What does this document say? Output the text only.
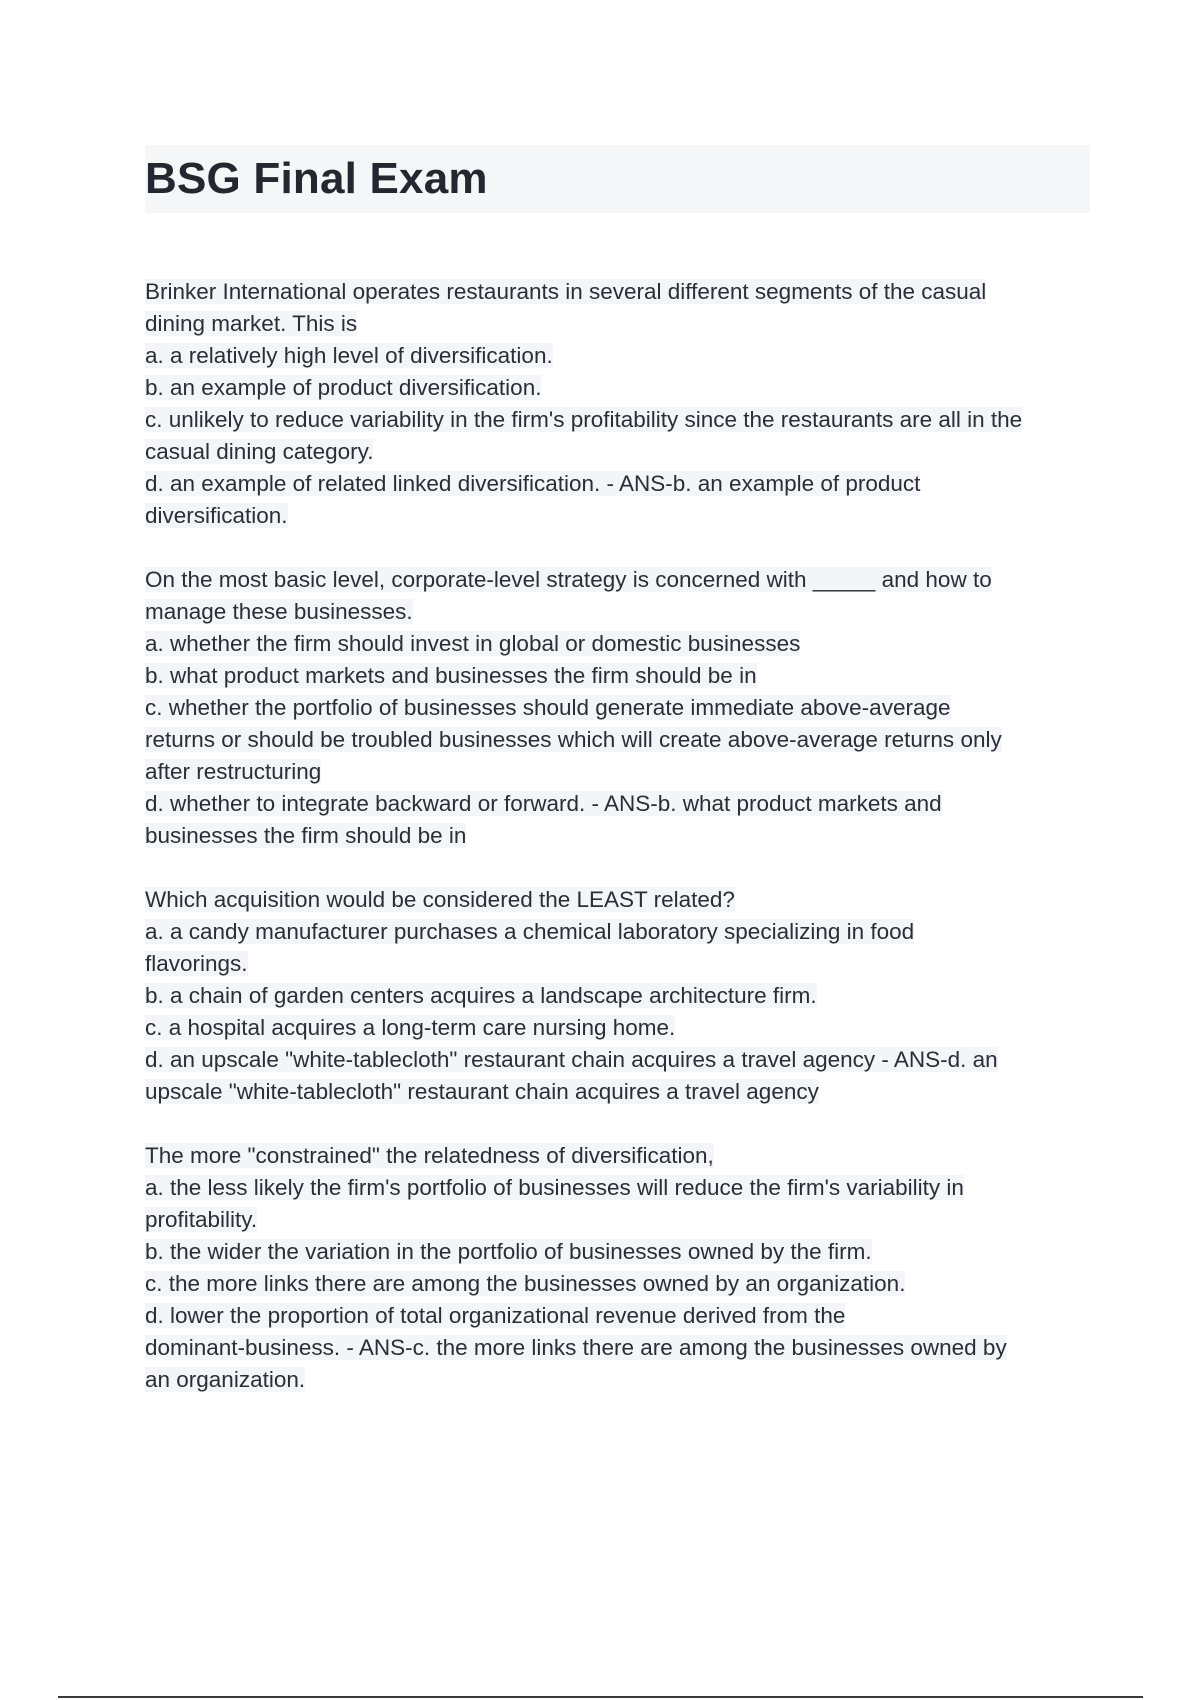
BSG Final Exam
Brinker International operates restaurants in several different segments of the casual
dining market. This is
a. a relatively high level of diversification.
b. an example of product diversification.
c. unlikely to reduce variability in the firm's profitability since the restaurants are all in the
casual dining category.
d. an example of related linked diversification. - ANS-b. an example of product
diversification.
On the most basic level, corporate-level strategy is concerned with _____ and how to
manage these businesses.
a. whether the firm should invest in global or domestic businesses
b. what product markets and businesses the firm should be in
c. whether the portfolio of businesses should generate immediate above-average
returns or should be troubled businesses which will create above-average returns only
after restructuring
d. whether to integrate backward or forward. - ANS-b. what product markets and
businesses the firm should be in
Which acquisition would be considered the LEAST related?
a. a candy manufacturer purchases a chemical laboratory specializing in food
flavorings.
b. a chain of garden centers acquires a landscape architecture firm.
c. a hospital acquires a long-term care nursing home.
d. an upscale "white-tablecloth" restaurant chain acquires a travel agency - ANS-d. an
upscale "white-tablecloth" restaurant chain acquires a travel agency
The more "constrained" the relatedness of diversification,
a. the less likely the firm's portfolio of businesses will reduce the firm's variability in
profitability.
b. the wider the variation in the portfolio of businesses owned by the firm.
c. the more links there are among the businesses owned by an organization.
d. lower the proportion of total organizational revenue derived from the
dominant-business. - ANS-c. the more links there are among the businesses owned by
an organization.
